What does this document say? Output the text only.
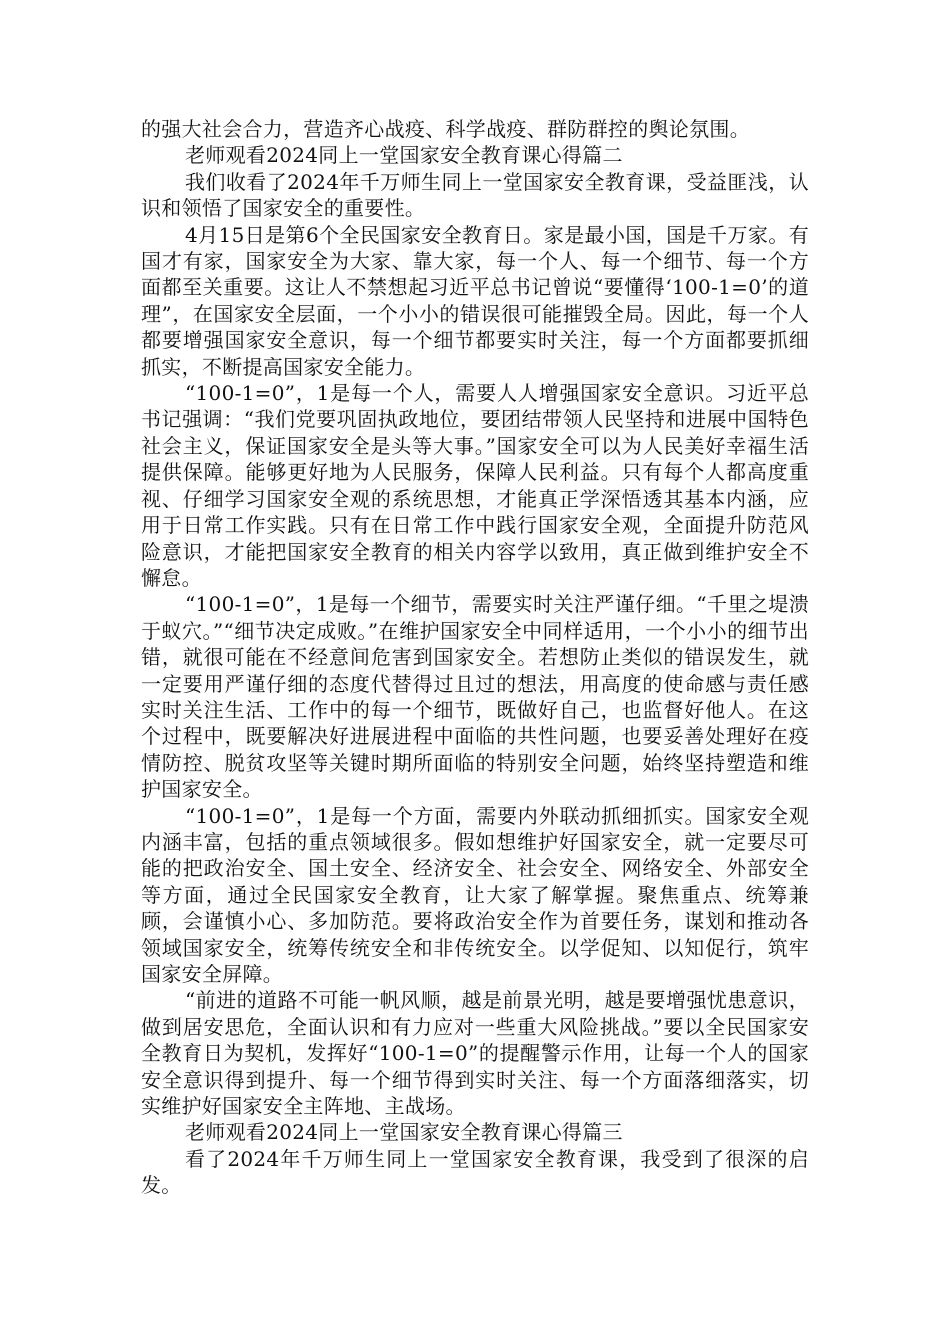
的强大社会合力，营造齐心战疫、科学战疫、群防群控的舆论氛围。

老师观看2024同上一堂国家安全教育课心得篇二

我们收看了2024年千万师生同上一堂国家安全教育课，受益匪浅，认识和领悟了国家安全的重要性。

4月15日是第6个全民国家安全教育日。家是最小国，国是千万家。有国才有家，国家安全为大家、靠大家，每一个人、每一个细节、每一个方面都至关重要。这让人不禁想起习近平总书记曾说“要懂得‘100-1=0’的道理”，在国家安全层面，一个小小的错误很可能摧毁全局。因此，每一个人都要增强国家安全意识，每一个细节都要实时关注，每一个方面都要抓细抓实，不断提高国家安全能力。

“100-1=0”，1是每一个人，需要人人增强国家安全意识。习近平总书记强调：“我们党要巩固执政地位，要团结带领人民坚持和进展中国特色社会主义，保证国家安全是头等大事。”国家安全可以为人民美好幸福生活提供保障。能够更好地为人民服务，保障人民利益。只有每个人都高度重视、仔细学习国家安全观的系统思想，才能真正学深悟透其基本内涵，应用于日常工作实践。只有在日常工作中践行国家安全观，全面提升防范风险意识，才能把国家安全教育的相关内容学以致用，真正做到维护安全不懈怠。

“100-1=0”，1是每一个细节，需要实时关注严谨仔细。“千里之堤溃于蚁穴。”“细节决定成败。”在维护国家安全中同样适用，一个小小的细节出错，就很可能在不经意间危害到国家安全。若想防止类似的错误发生，就一定要用严谨仔细的态度代替得过且过的想法，用高度的使命感与责任感实时关注生活、工作中的每一个细节，既做好自己，也监督好他人。在这个过程中，既要解决好进展进程中面临的共性问题，也要妥善处理好在疫情防控、脱贫攻坚等关键时期所面临的特别安全问题，始终坚持塑造和维护国家安全。

“100-1=0”，1是每一个方面，需要内外联动抓细抓实。国家安全观内涵丰富，包括的重点领域很多。假如想维护好国家安全，就一定要尽可能的把政治安全、国土安全、经济安全、社会安全、网络安全、外部安全等方面，通过全民国家安全教育，让大家了解掌握。聚焦重点、统筹兼顾，会谨慎小心、多加防范。要将政治安全作为首要任务，谋划和推动各领域国家安全，统筹传统安全和非传统安全。以学促知、以知促行，筑牢国家安全屏障。

“前进的道路不可能一帆风顺，越是前景光明，越是要增强忧患意识，做到居安思危，全面认识和有力应对一些重大风险挑战。”要以全民国家安全教育日为契机，发挥好“100-1=0”的提醒警示作用，让每一个人的国家安全意识得到提升、每一个细节得到实时关注、每一个方面落细落实，切实维护好国家安全主阵地、主战场。

老师观看2024同上一堂国家安全教育课心得篇三

看了2024年千万师生同上一堂国家安全教育课，我受到了很深的启发。
